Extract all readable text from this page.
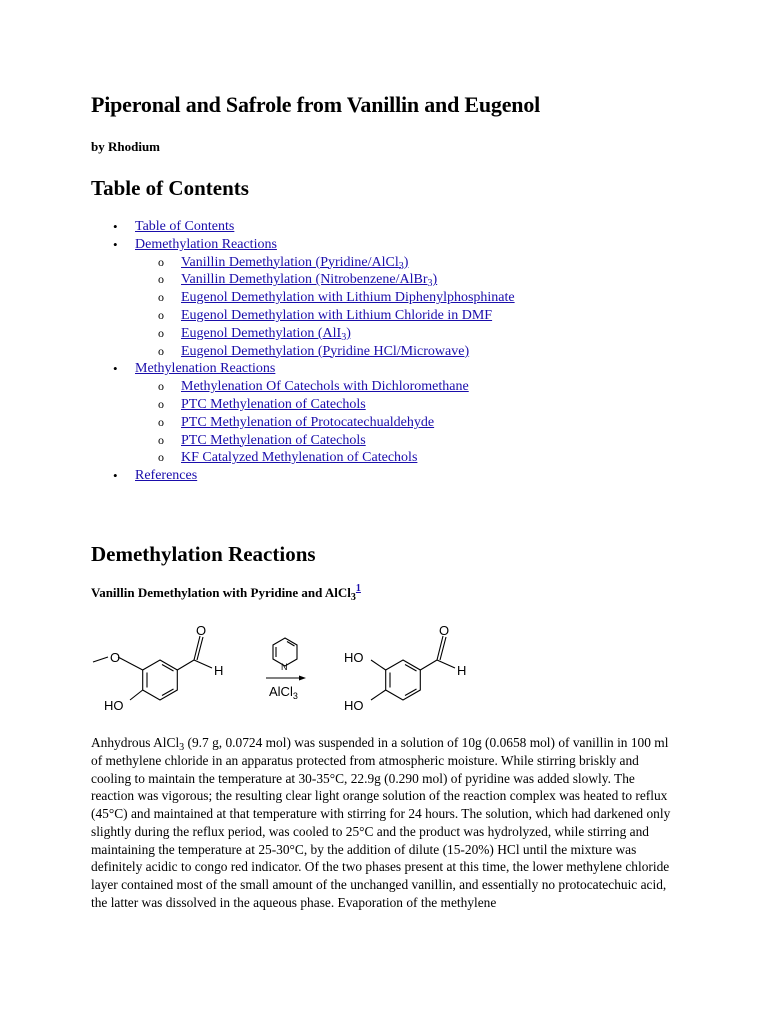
Piperonal and Safrole from Vanillin and Eugenol
by Rhodium
Table of Contents
• Table of Contents
• Demethylation Reactions
o Vanillin Demethylation (Pyridine/AlCl$_3$)
o Vanillin Demethylation (Nitrobenzene/AlBr$_3$)
o Eugenol Demethylation with Lithium Diphenylphosphinate
o Eugenol Demethylation with Lithium Chloride in DMF
o Eugenol Demethylation (AlI$_3$)
o Eugenol Demethylation (Pyridine HCl/Microwave)
• Methylenation Reactions
o Methylenation Of Catechols with Dichloromethane
o PTC Methylenation of Catechols
o PTC Methylenation of Protocatechualdehyde
o PTC Methylenation of Catechols
o KF Catalyzed Methylenation of Catechols
• References
Demethylation Reactions
Vanillin Demethylation with Pyridine and AlCl$_3^1$
O
H
O
HO
N
AlCl$_3$
O
H
HO
HO

Anhydrous AlCl$_3$ (9.7 g, 0.0724 mol) was suspended in a solution of 10g (0.0658 mol) of vanillin in 100 ml of methylene chloride in an apparatus protected from atmospheric moisture. While stirring briskly and cooling to maintain the temperature at 30-35°C, 22.9g (0.290 mol) of pyridine was added slowly. The reaction was vigorous; the resulting clear light orange solution of the reaction complex was heated to reflux (45°C) and maintained at that temperature with stirring for 24 hours. The solution, which had darkened only slightly during the reflux period, was cooled to 25°C and the product was hydrolyzed, while stirring and maintaining the temperature at 25-30°C, by the addition of dilute (15-20%) HCl until the mixture was definitely acidic to congo red indicator. Of the two phases present at this time, the lower methylene chloride layer contained most of the small amount of the unchanged vanillin, and essentially no protocatechuic acid, the latter was dissolved in the aqueous phase. Evaporation of the methylene
